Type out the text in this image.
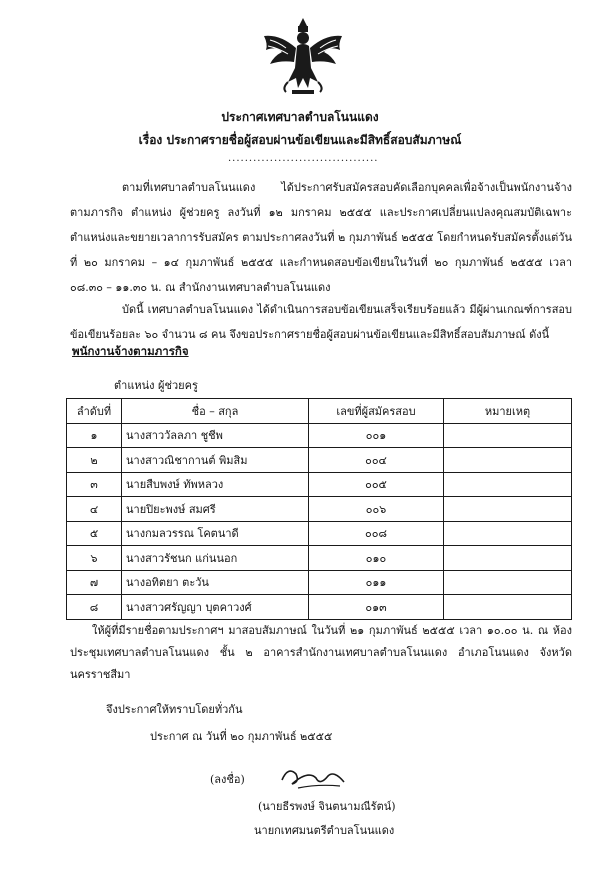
ประกาศเทศบาลตำบลโนนแดง
เรื่อง ประกาศรายชื่อผู้สอบผ่านข้อเขียนและมีสิทธิ์สอบสัมภาษณ์
....................................

ตามที่เทศบาลตำบลโนนแดง ได้ประกาศรับสมัครสอบคัดเลือกบุคคลเพื่อจ้างเป็นพนักงานจ้าง ตามภารกิจ ตำแหน่ง ผู้ช่วยครู ลงวันที่ ๑๒ มกราคม ๒๕๕๕ และประกาศเปลี่ยนแปลงคุณสมบัติเฉพาะตำแหน่งและขยายเวลาการรับสมัคร ตามประกาศลงวันที่ ๒ กุมภาพันธ์ ๒๕๕๕ โดยกำหนดรับสมัครตั้งแต่วันที่ ๒๐ มกราคม – ๑๔ กุมภาพันธ์ ๒๕๕๕ และกำหนดสอบข้อเขียนในวันที่ ๒๐ กุมภาพันธ์ ๒๕๕๕ เวลา ๐๘.๓๐ – ๑๑.๓๐ น. ณ สำนักงานเทศบาลตำบลโนนแดง

บัดนี้ เทศบาลตำบลโนนแดง ได้ดำเนินการสอบข้อเขียนเสร็จเรียบร้อยแล้ว มีผู้ผ่านเกณฑ์การสอบข้อเขียนร้อยละ ๖๐ จำนวน ๘ คน จึงขอประกาศรายชื่อผู้สอบผ่านข้อเขียนและมีสิทธิ์สอบสัมภาษณ์ ดังนี้

พนักงานจ้างตามภารกิจ
ตำแหน่ง ผู้ช่วยครู
ลำดับที่	ชื่อ – สกุล	เลขที่ผู้สมัครสอบ	หมายเหตุ
๑	นางสาววัลลภา ชูชีพ	๐๐๑	
๒	นางสาวณิชากานต์ พิมสิม	๐๐๔	
๓	นายสืบพงษ์ ทัพหลวง	๐๐๕	
๔	นายปิยะพงษ์ สมศรี	๐๐๖	
๕	นางกมลวรรณ โคตนาดี	๐๐๘	
๖	นางสาวรัชนก แก่นนอก	๐๑๐	
๗	นางอทิตยา ตะวัน	๐๑๑	
๘	นางสาวศรัญญา บุตคาวงศ์	๐๑๓	

ให้ผู้ที่มีรายชื่อตามประกาศฯ มาสอบสัมภาษณ์ ในวันที่ ๒๑ กุมภาพันธ์ ๒๕๕๕ เวลา ๑๐.๐๐ น. ณ ห้องประชุมเทศบาลตำบลโนนแดง ชั้น ๒ อาคารสำนักงานเทศบาลตำบลโนนแดง อำเภอโนนแดง จังหวัดนครราชสีมา

จึงประกาศให้ทราบโดยทั่วกัน
ประกาศ ณ วันที่ ๒๐ กุมภาพันธ์ ๒๕๕๕
(ลงชื่อ)
(นายธีรพงษ์ จินตนามณีรัตน์)
นายกเทศมนตรีตำบลโนนแดง
